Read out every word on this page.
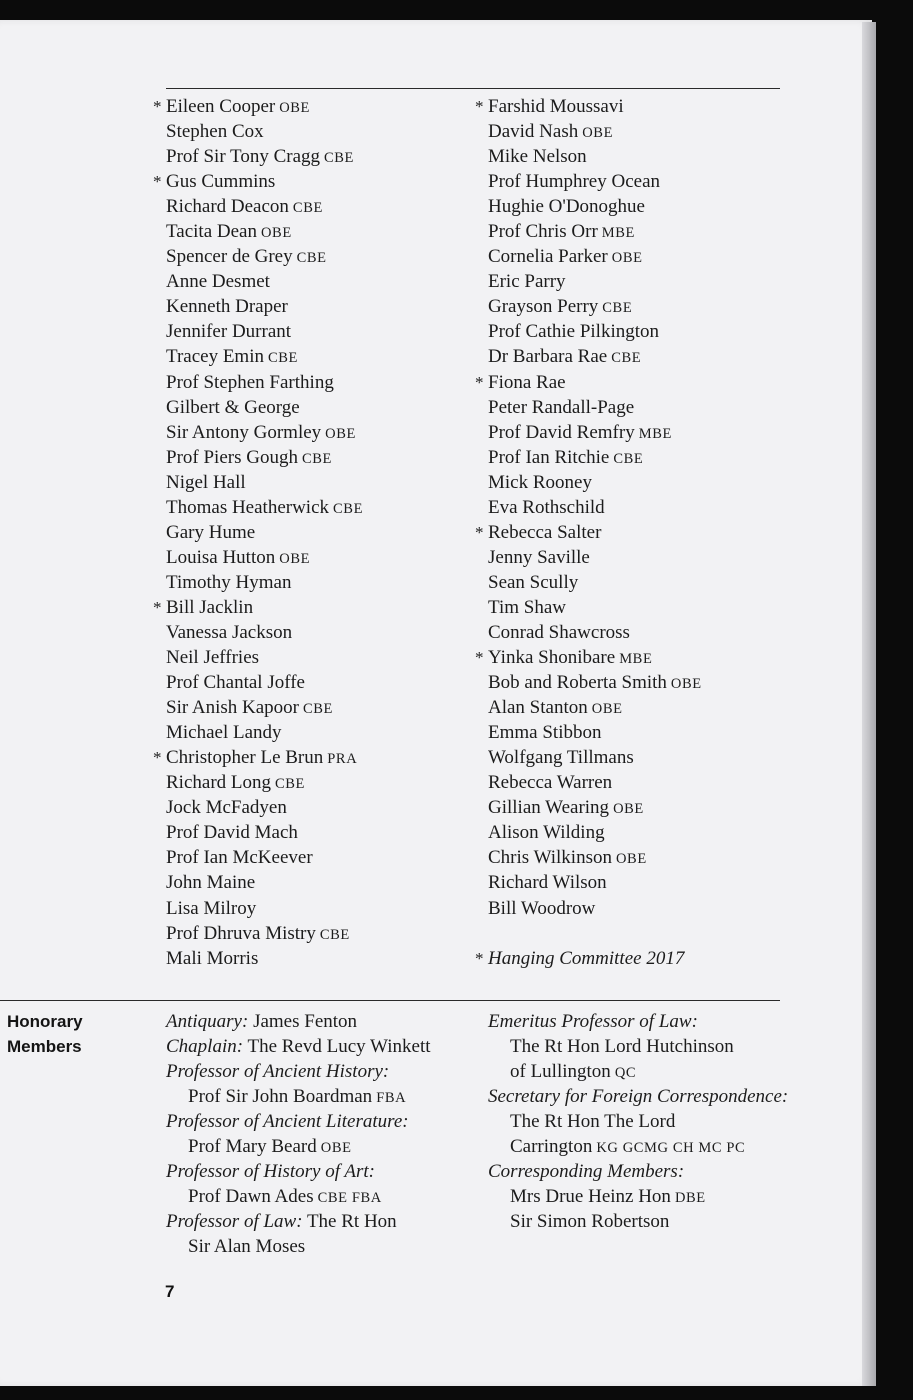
* Eileen Cooper OBE
Stephen Cox
Prof Sir Tony Cragg CBE
* Gus Cummins
Richard Deacon CBE
Tacita Dean OBE
Spencer de Grey CBE
Anne Desmet
Kenneth Draper
Jennifer Durrant
Tracey Emin CBE
Prof Stephen Farthing
Gilbert & George
Sir Antony Gormley OBE
Prof Piers Gough CBE
Nigel Hall
Thomas Heatherwick CBE
Gary Hume
Louisa Hutton OBE
Timothy Hyman
* Bill Jacklin
Vanessa Jackson
Neil Jeffries
Prof Chantal Joffe
Sir Anish Kapoor CBE
Michael Landy
* Christopher Le Brun PRA
Richard Long CBE
Jock McFadyen
Prof David Mach
Prof Ian McKeever
John Maine
Lisa Milroy
Prof Dhruva Mistry CBE
Mali Morris
* Farshid Moussavi
David Nash OBE
Mike Nelson
Prof Humphrey Ocean
Hughie O'Donoghue
Prof Chris Orr MBE
Cornelia Parker OBE
Eric Parry
Grayson Perry CBE
Prof Cathie Pilkington
Dr Barbara Rae CBE
* Fiona Rae
Peter Randall-Page
Prof David Remfry MBE
Prof Ian Ritchie CBE
Mick Rooney
Eva Rothschild
* Rebecca Salter
Jenny Saville
Sean Scully
Tim Shaw
Conrad Shawcross
* Yinka Shonibare MBE
Bob and Roberta Smith OBE
Alan Stanton OBE
Emma Stibbon
Wolfgang Tillmans
Rebecca Warren
Gillian Wearing OBE
Alison Wilding
Chris Wilkinson OBE
Richard Wilson
Bill Woodrow
* Hanging Committee 2017
Honorary
Members
Antiquary: James Fenton
Chaplain: The Revd Lucy Winkett
Professor of Ancient History:
Prof Sir John Boardman FBA
Professor of Ancient Literature:
Prof Mary Beard OBE
Professor of History of Art:
Prof Dawn Ades CBE FBA
Professor of Law: The Rt Hon
Sir Alan Moses
Emeritus Professor of Law:
The Rt Hon Lord Hutchinson
of Lullington QC
Secretary for Foreign Correspondence:
The Rt Hon The Lord
Carrington KG GCMG CH MC PC
Corresponding Members:
Mrs Drue Heinz Hon DBE
Sir Simon Robertson
7
